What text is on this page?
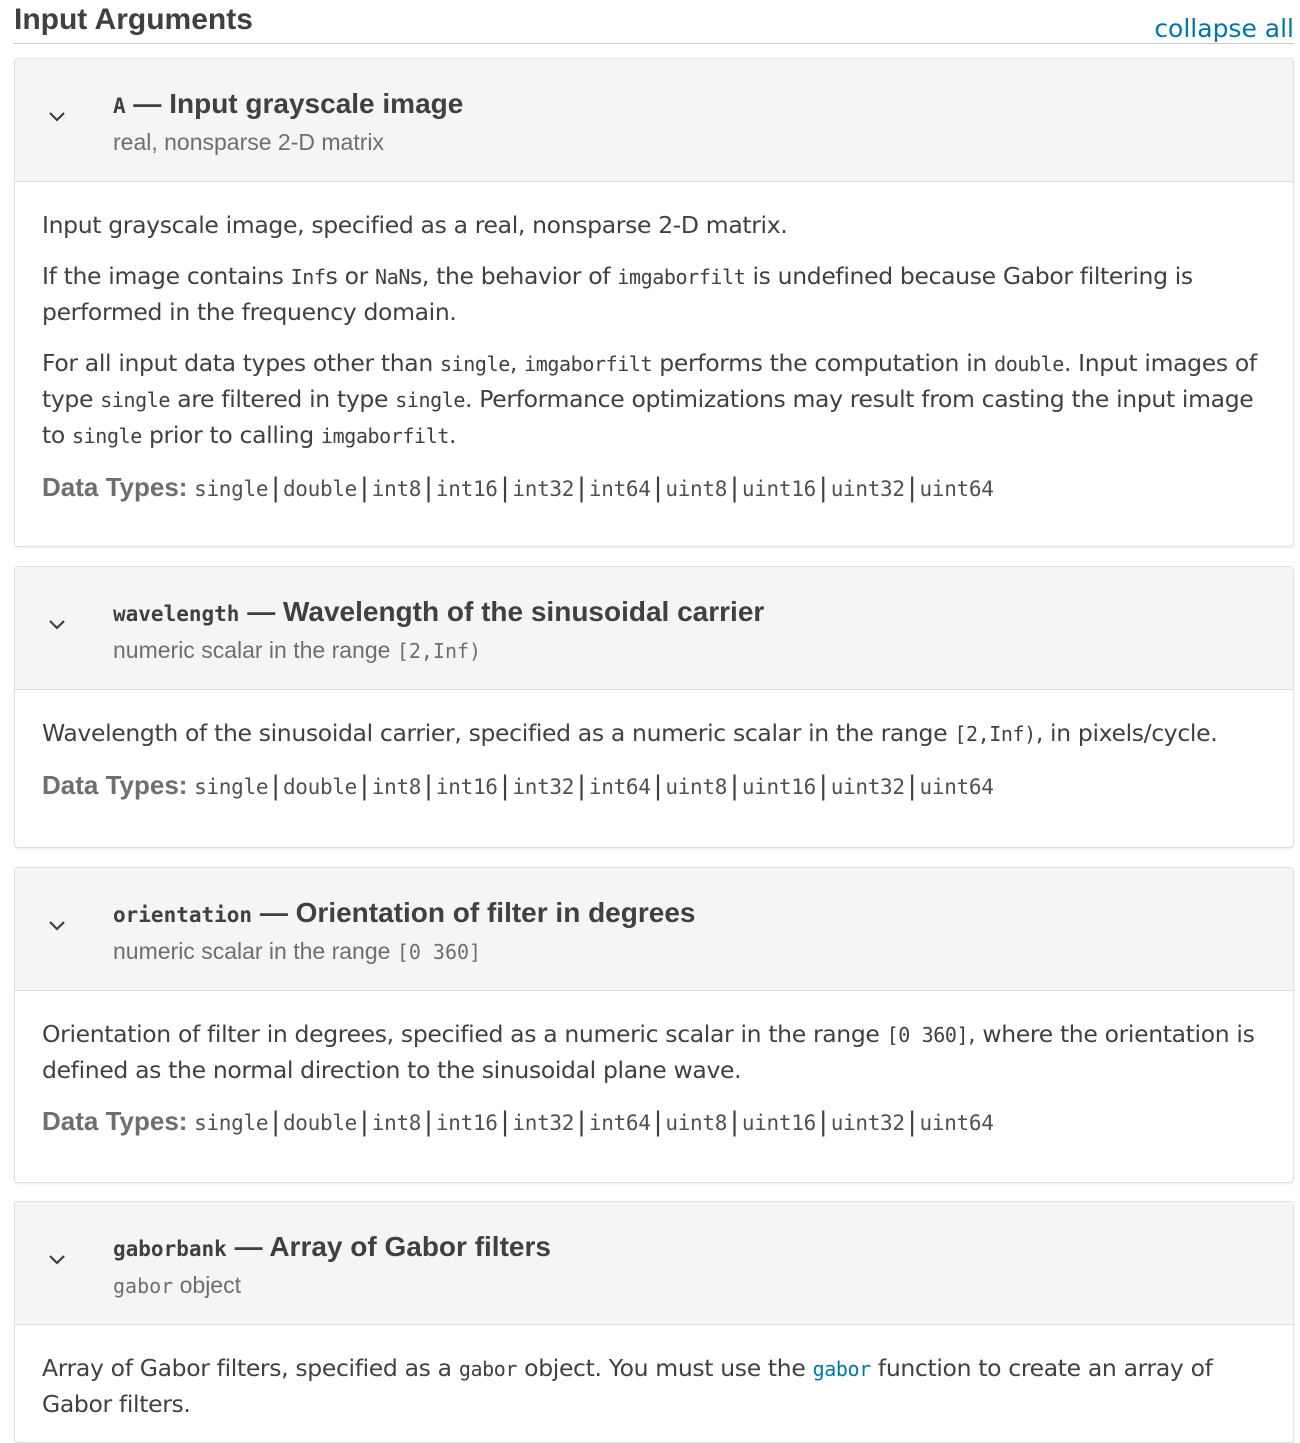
Input Arguments	collapse all
A — Input grayscale image
real, nonsparse 2-D matrix

Input grayscale image, specified as a real, nonsparse 2-D matrix.

If the image contains Infs or NaNs, the behavior of imgaborfilt is undefined because Gabor filtering is performed in the frequency domain.

For all input data types other than single, imgaborfilt performs the computation in double. Input images of type single are filtered in type single. Performance optimizations may result from casting the input image to single prior to calling imgaborfilt.

Data Types: single | double | int8 | int16 | int32 | int64 | uint8 | uint16 | uint32 | uint64

wavelength — Wavelength of the sinusoidal carrier
numeric scalar in the range [2,Inf)

Wavelength of the sinusoidal carrier, specified as a numeric scalar in the range [2,Inf), in pixels/cycle.

Data Types: single | double | int8 | int16 | int32 | int64 | uint8 | uint16 | uint32 | uint64

orientation — Orientation of filter in degrees
numeric scalar in the range [0 360]

Orientation of filter in degrees, specified as a numeric scalar in the range [0 360], where the orientation is defined as the normal direction to the sinusoidal plane wave.

Data Types: single | double | int8 | int16 | int32 | int64 | uint8 | uint16 | uint32 | uint64

gaborbank — Array of Gabor filters
gabor object

Array of Gabor filters, specified as a gabor object. You must use the gabor function to create an array of Gabor filters.
